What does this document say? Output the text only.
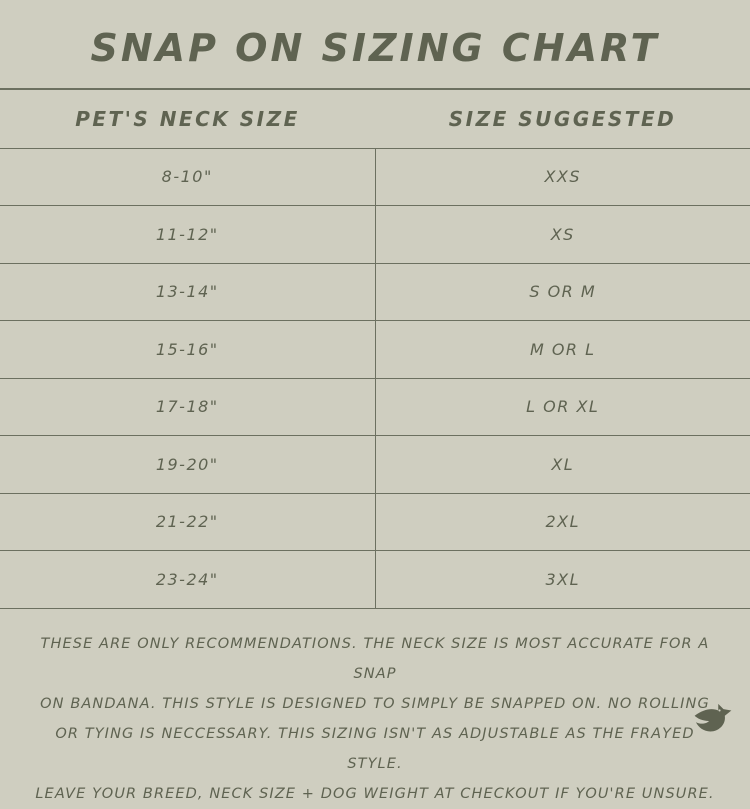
SNAP ON SIZING CHART
PET'S NECK SIZE	SIZE SUGGESTED
8-10"	XXS
11-12"	XS
13-14"	S OR M
15-16"	M OR L
17-18"	L OR XL
19-20"	XL
21-22"	2XL
23-24"	3XL
THESE ARE ONLY RECOMMENDATIONS. THE NECK SIZE IS MOST ACCURATE FOR A SNAP
ON BANDANA. THIS STYLE IS DESIGNED TO SIMPLY BE SNAPPED ON. NO ROLLING
OR TYING IS NECCESSARY. THIS SIZING ISN'T AS ADJUSTABLE AS THE FRAYED STYLE.
LEAVE YOUR BREED, NECK SIZE + DOG WEIGHT AT CHECKOUT IF YOU'RE UNSURE.
